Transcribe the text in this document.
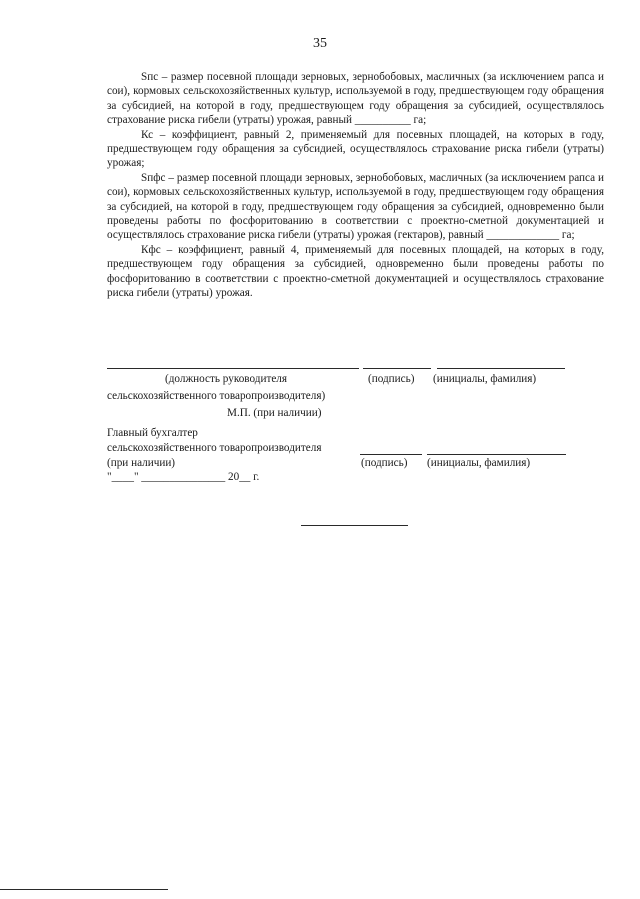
35

Sпс – размер посевной площади зерновых, зернобобовых, масличных (за исключением рапса и сои), кормовых сельскохозяйственных культур, используемой в году, предшествующем году обращения за субсидией, на которой в году, предшествующем году обращения за субсидией, осуществлялось страхование риска гибели (утраты) урожая, равный __________ га;

Кс – коэффициент, равный 2, применяемый для посевных площадей, на которых в году, предшествующем году обращения за субсидией, осуществлялось страхование риска гибели (утраты) урожая;

Sпфс – размер посевной площади зерновых, зернобобовых, масличных (за исключением рапса и сои), кормовых сельскохозяйственных культур, используемой в году, предшествующем году обращения за субсидией, на которой в году, предшествующем году обращения за субсидией, одновременно были проведены работы по фосфоритованию в соответствии с проектно-сметной документацией и осуществлялось страхование риска гибели (утраты) урожая (гектаров), равный _____________ га;

Кфс – коэффициент, равный 4, применяемый для посевных площадей, на которых в году, предшествующем году обращения за субсидией, одновременно были проведены работы по фосфоритованию в соответствии с проектно-сметной документацией и осуществлялось страхование риска гибели (утраты) урожая.

(должность руководителя	(подпись) (инициалы, фамилия)
сельскохозяйственного товаропроизводителя)
М.П. (при наличии)
Главный бухгалтер
сельскохозяйственного товаропроизводителя
(при наличии)	(подпись) (инициалы, фамилия)
"____" _______________ 20__ г.
